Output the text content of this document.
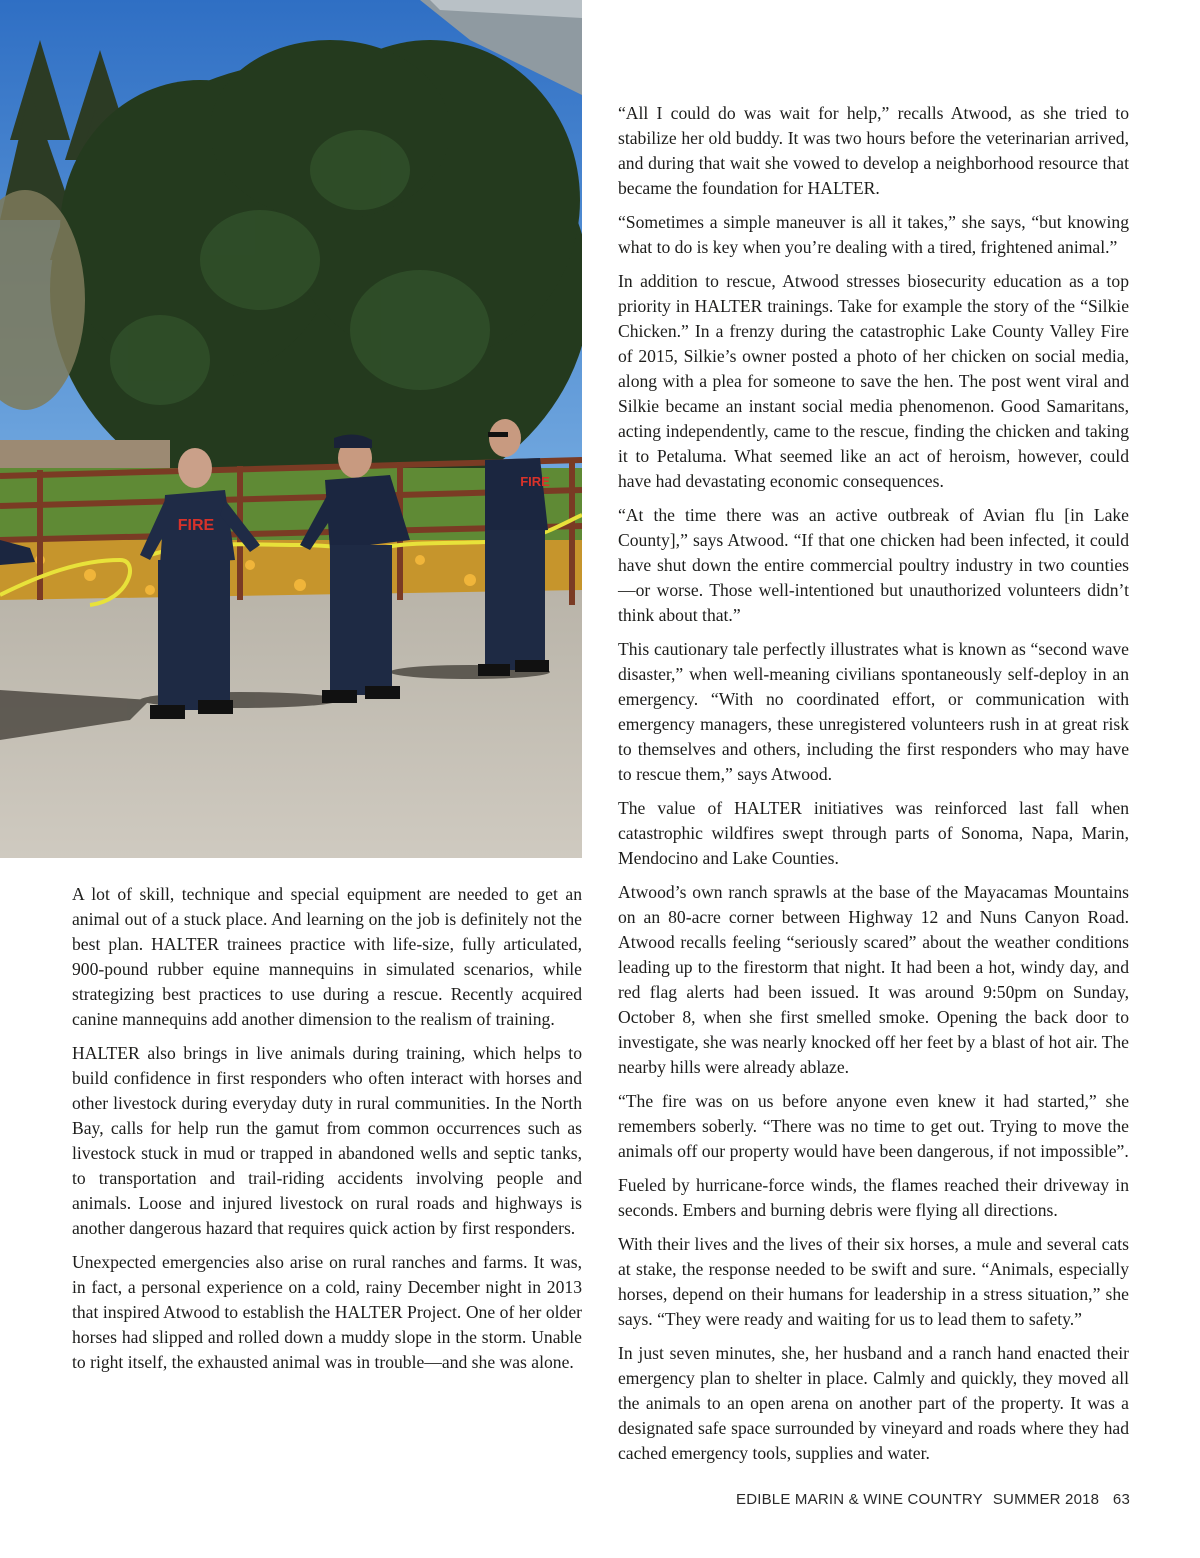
FIRE
FIRE

A lot of skill, technique and special equipment are needed to get an animal out of a stuck place. And learning on the job is definitely not the best plan. HALTER trainees practice with life-size, fully articulated, 900-pound rubber equine mannequins in simulated scenarios, while strategizing best practices to use during a rescue. Recently acquired canine mannequins add another dimension to the realism of training.

HALTER also brings in live animals during training, which helps to build confidence in first responders who often interact with horses and other livestock during everyday duty in rural communities. In the North Bay, calls for help run the gamut from common occurrences such as livestock stuck in mud or trapped in abandoned wells and septic tanks, to transportation and trail-riding accidents involving people and animals. Loose and injured livestock on rural roads and highways is another dangerous hazard that requires quick action by first responders.

Unexpected emergencies also arise on rural ranches and farms. It was, in fact, a personal experience on a cold, rainy December night in 2013 that inspired Atwood to establish the HALTER Project. One of her older horses had slipped and rolled down a muddy slope in the storm. Unable to right itself, the exhausted animal was in trouble—and she was alone.

“All I could do was wait for help,” recalls Atwood, as she tried to stabilize her old buddy. It was two hours before the veterinarian arrived, and during that wait she vowed to develop a neighborhood resource that became the foundation for HALTER.

“Sometimes a simple maneuver is all it takes,” she says, “but knowing what to do is key when you’re dealing with a tired, frightened animal.”

In addition to rescue, Atwood stresses biosecurity education as a top priority in HALTER trainings. Take for example the story of the “Silkie Chicken.” In a frenzy during the catastrophic Lake County Valley Fire of 2015, Silkie’s owner posted a photo of her chicken on social media, along with a plea for someone to save the hen. The post went viral and Silkie became an instant social media phenomenon. Good Samaritans, acting independently, came to the rescue, finding the chicken and taking it to Petaluma. What seemed like an act of heroism, however, could have had devastating economic consequences.

“At the time there was an active outbreak of Avian flu [in Lake County],” says Atwood. “If that one chicken had been infected, it could have shut down the entire commercial poultry industry in two counties—or worse. Those well-intentioned but unauthorized volunteers didn’t think about that.”

This cautionary tale perfectly illustrates what is known as “second wave disaster,” when well-meaning civilians spontaneously self-deploy in an emergency. “With no coordinated effort, or communication with emergency managers, these unregistered volunteers rush in at great risk to themselves and others, including the first responders who may have to rescue them,” says Atwood.

The value of HALTER initiatives was reinforced last fall when catastrophic wildfires swept through parts of Sonoma, Napa, Marin, Mendocino and Lake Counties.

Atwood’s own ranch sprawls at the base of the Mayacamas Mountains on an 80-acre corner between Highway 12 and Nuns Canyon Road. Atwood recalls feeling “seriously scared” about the weather conditions leading up to the firestorm that night. It had been a hot, windy day, and red flag alerts had been issued. It was around 9:50pm on Sunday, October 8, when she first smelled smoke. Opening the back door to investigate, she was nearly knocked off her feet by a blast of hot air. The nearby hills were already ablaze.

“The fire was on us before anyone even knew it had started,” she remembers soberly. “There was no time to get out. Trying to move the animals off our property would have been dangerous, if not impossible”.

Fueled by hurricane-force winds, the flames reached their driveway in seconds. Embers and burning debris were flying all directions.

With their lives and the lives of their six horses, a mule and several cats at stake, the response needed to be swift and sure. “Animals, especially horses, depend on their humans for leadership in a stress situation,” she says. “They were ready and waiting for us to lead them to safety.”

In just seven minutes, she, her husband and a ranch hand enacted their emergency plan to shelter in place. Calmly and quickly, they moved all the animals to an open arena on another part of the property. It was a designated safe space surrounded by vineyard and roads where they had cached emergency tools, supplies and water.

EDIBLE MARIN & WINE COUNTRY SUMMER 2018 63
